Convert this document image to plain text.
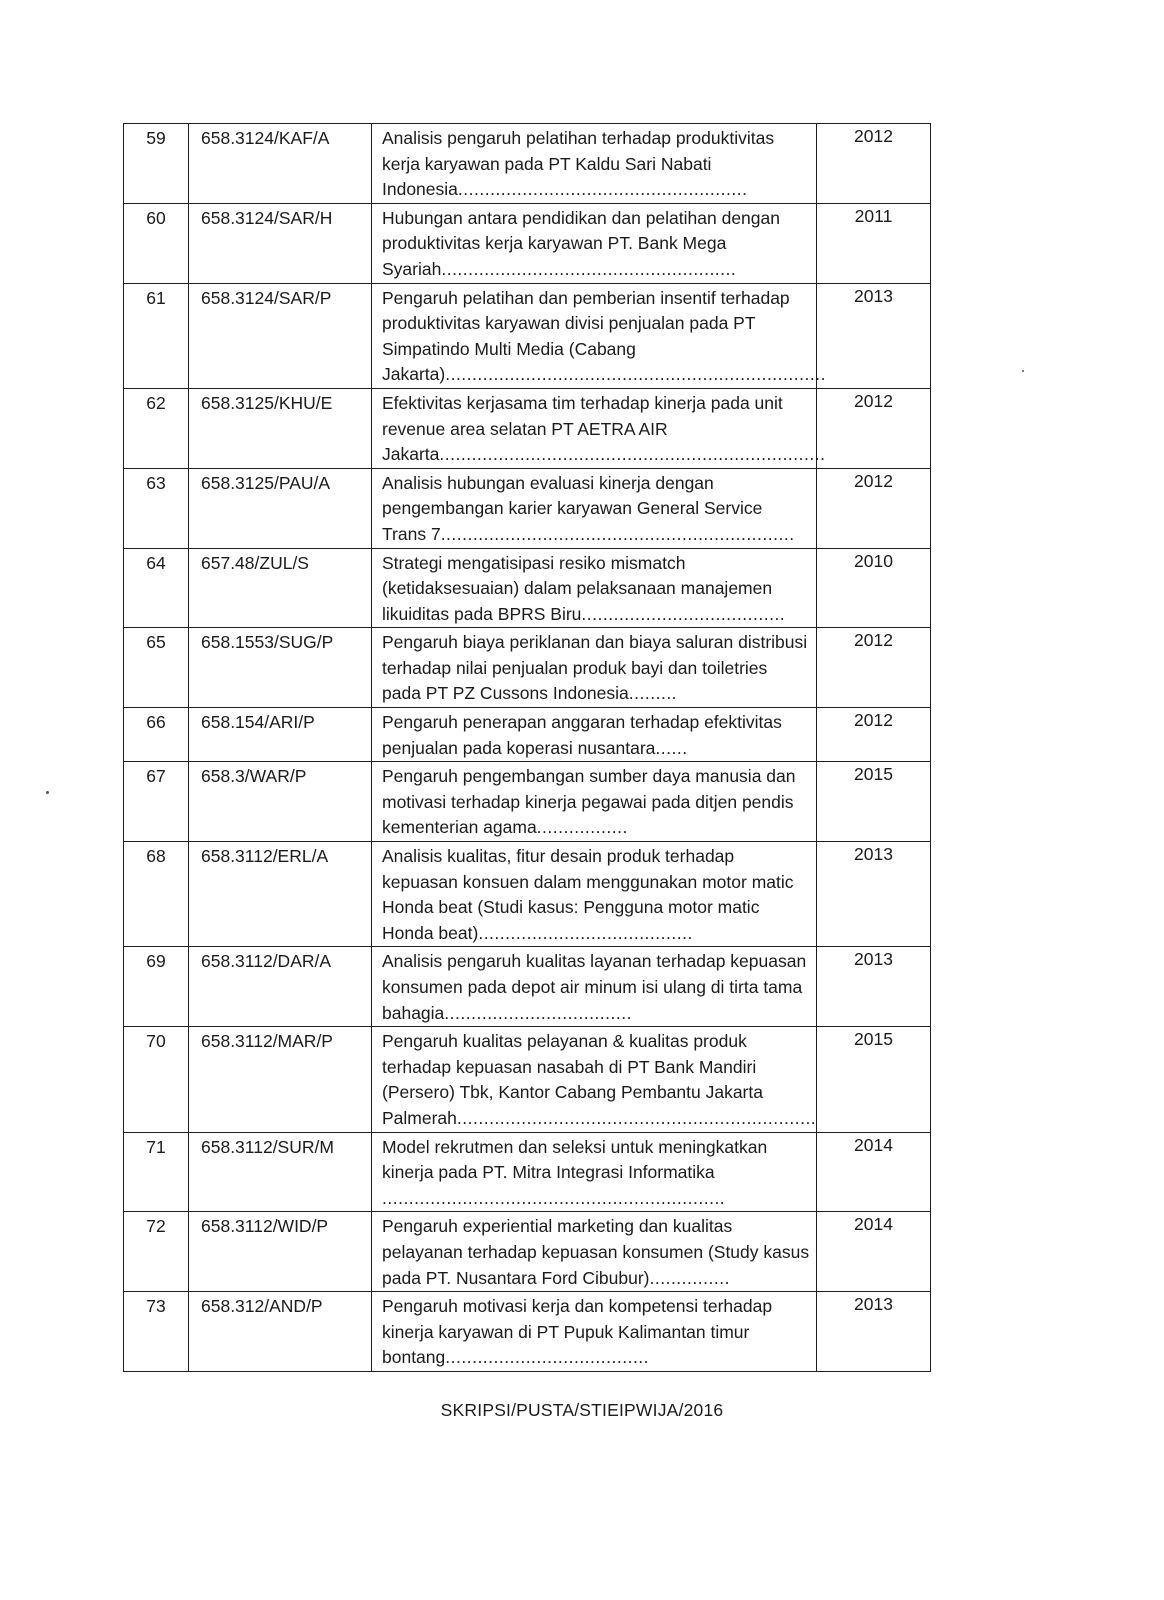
59	658.3124/KAF/A	Analisis pengaruh pelatihan terhadap produktivitas kerja karyawan pada PT Kaldu Sari Nabati Indonesia......................................................	2012
60	658.3124/SAR/H	Hubungan antara pendidikan dan pelatihan dengan produktivitas kerja karyawan PT. Bank Mega Syariah.......................................................	2011
61	658.3124/SAR/P	Pengaruh pelatihan dan pemberian insentif terhadap produktivitas karyawan divisi penjualan pada PT Simpatindo Multi Media (Cabang Jakarta).......................................................................	2013
62	658.3125/KHU/E	Efektivitas kerjasama tim terhadap kinerja pada unit revenue area selatan PT AETRA AIR Jakarta........................................................................	2012
63	658.3125/PAU/A	Analisis hubungan evaluasi kinerja dengan pengembangan karier karyawan General Service Trans 7..................................................................	2012
64	657.48/ZUL/S	Strategi mengatisipasi resiko mismatch (ketidaksesuaian) dalam pelaksanaan manajemen likuiditas pada BPRS Biru......................................	2010
65	658.1553/SUG/P	Pengaruh biaya periklanan dan biaya saluran distribusi terhadap nilai penjualan produk bayi dan toiletries pada PT PZ Cussons Indonesia.........	2012
66	658.154/ARI/P	Pengaruh penerapan anggaran terhadap efektivitas penjualan pada koperasi nusantara......	2012
67	658.3/WAR/P	Pengaruh pengembangan sumber daya manusia dan motivasi terhadap kinerja pegawai pada ditjen pendis kementerian agama.................	2015
68	658.3112/ERL/A	Analisis kualitas, fitur desain produk terhadap kepuasan konsuen dalam menggunakan motor matic Honda beat (Studi kasus: Pengguna motor matic Honda beat)........................................	2013
69	658.3112/DAR/A	Analisis pengaruh kualitas layanan terhadap kepuasan konsumen pada depot air minum isi ulang di tirta tama bahagia...................................	2013
70	658.3112/MAR/P	Pengaruh kualitas pelayanan & kualitas produk terhadap kepuasan nasabah di PT Bank Mandiri (Persero) Tbk, Kantor Cabang Pembantu Jakarta Palmerah...................................................................	2015
71	658.3112/SUR/M	Model rekrutmen dan seleksi untuk meningkatkan kinerja pada PT. Mitra Integrasi Informatika ................................................................	2014
72	658.3112/WID/P	Pengaruh experiential marketing dan kualitas pelayanan terhadap kepuasan konsumen (Study kasus pada PT. Nusantara Ford Cibubur)...............	2014
73	658.312/AND/P	Pengaruh motivasi kerja dan kompetensi terhadap kinerja karyawan di PT Pupuk Kalimantan timur bontang......................................	2013
SKRIPSI/PUSTA/STIEIPWIJA/2016
